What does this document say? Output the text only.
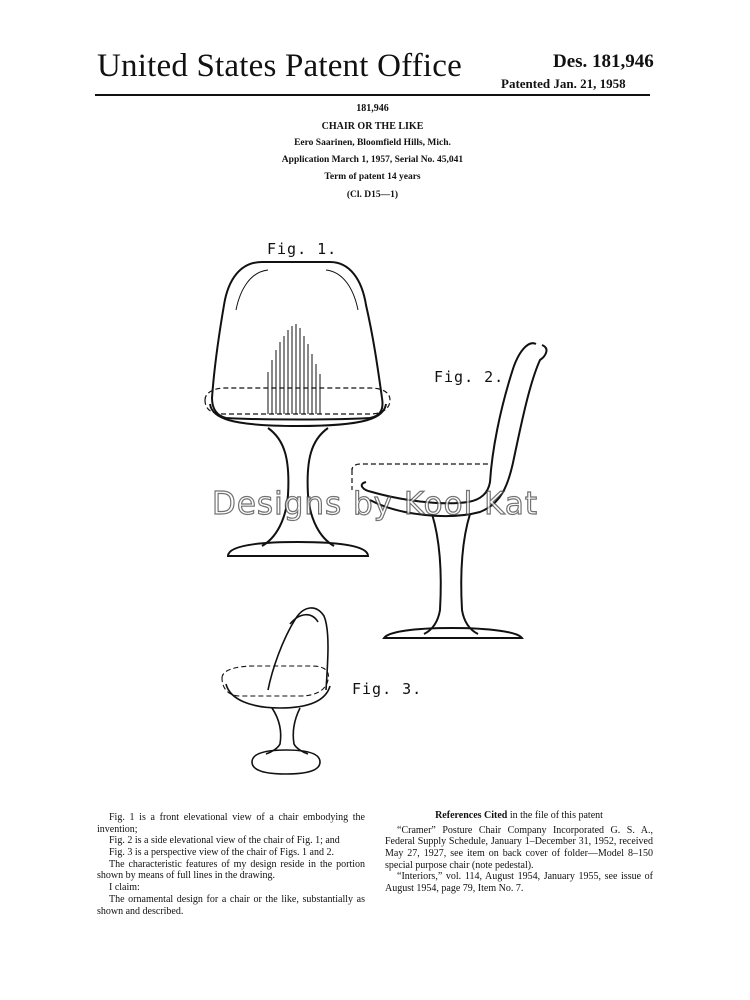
United States Patent Office	Des. 181,946
Patented Jan. 21, 1958
181,946
CHAIR OR THE LIKE
Eero Saarinen, Bloomfield Hills, Mich.
Application March 1, 1957, Serial No. 45,041
Term of patent 14 years
(Cl. D15—1)
Fig. 1.
Fig. 2.
Fig. 3.
Designs by Kool Kat

Fig. 1 is a front elevational view of a chair embodying the invention;

Fig. 2 is a side elevational view of the chair of Fig. 1; and

Fig. 3 is a perspective view of the chair of Figs. 1 and 2.

The characteristic features of my design reside in the portion shown by means of full lines in the drawing.

I claim:

The ornamental design for a chair or the like, substantially as shown and described.

References Cited in the file of this patent

“Cramer” Posture Chair Company Incorporated G. S. A., Federal Supply Schedule, January 1–December 31, 1952, received May 27, 1927, see item on back cover of folder—Model 8–150 special purpose chair (note pedestal).

“Interiors,” vol. 114, August 1954, January 1955, see issue of August 1954, page 79, Item No. 7.
